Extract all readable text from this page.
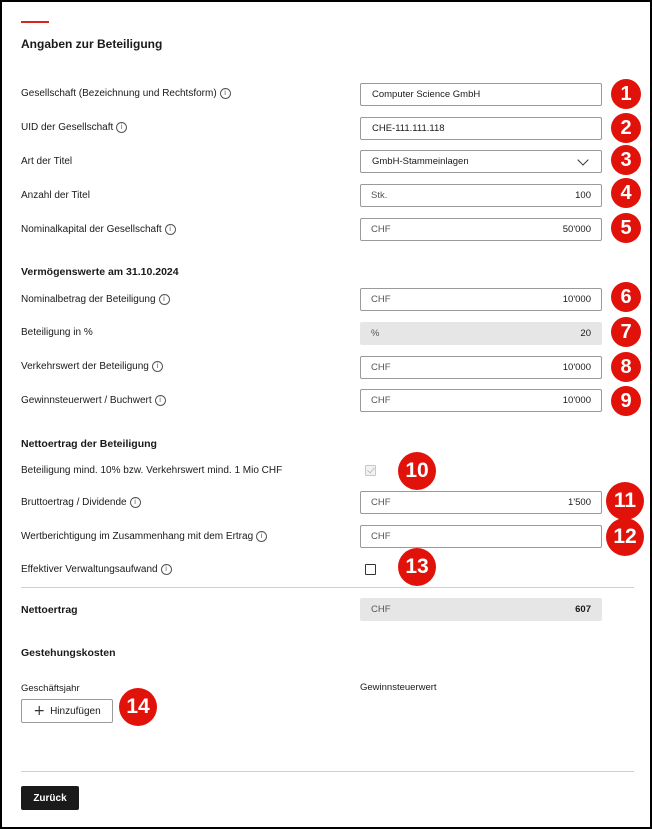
Angaben zur Beteiligung
Gesellschaft (Bezeichnung und Rechtsform)	i	Computer Science GmbH	1
UID der Gesellschaft	i	CHE-111.111.118	2
Art der Titel	GmbH-Stammeinlagen	3
Anzahl der Titel	Stk.	100	4
Nominalkapital der Gesellschaft	i	CHF	50'000	5
Vermögenswerte am 31.10.2024
Nominalbetrag der Beteiligung	i	CHF	10'000	6
Beteiligung in %	%	20	7
Verkehrswert der Beteiligung	i	CHF	10'000	8
Gewinnsteuerwert / Buchwert	i	CHF	10'000	9
Nettoertrag der Beteiligung
Beteiligung mind. 10% bzw. Verkehrswert mind. 1 Mio CHF	10
Bruttoertrag / Dividende	i	CHF	1'500	11
Wertberichtigung im Zusammenhang mit dem Ertrag	i	CHF	12
Effektiver Verwaltungsaufwand	i	13
Nettoertrag	CHF	607
Gestehungskosten
Geschäftsjahr	Gewinnsteuerwert
+ Hinzufügen	14
Zurück
